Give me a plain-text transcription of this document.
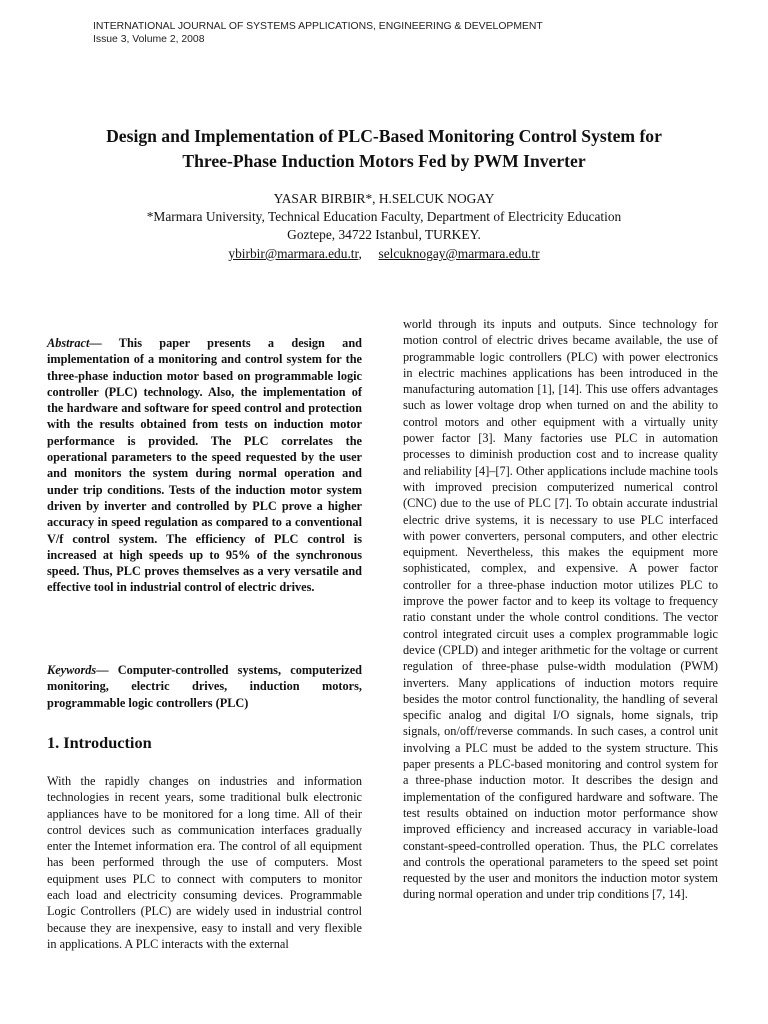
INTERNATIONAL JOURNAL OF SYSTEMS APPLICATIONS, ENGINEERING & DEVELOPMENT
Issue 3, Volume 2, 2008
Design and Implementation of PLC-Based Monitoring Control System for
Three-Phase Induction Motors Fed by PWM Inverter
YASAR BIRBIR*, H.SELCUK NOGAY
*Marmara University, Technical Education Faculty, Department of Electricity Education
Goztepe, 34722 Istanbul, TURKEY.
ybirbir@marmara.edu.tr,     selcuknogay@marmara.edu.tr

Abstract— This paper presents a design and implementation of a monitoring and control system for the three-phase induction motor based on programmable logic controller (PLC) technology. Also, the implementation of the hardware and software for speed control and protection with the results obtained from tests on induction motor performance is provided. The PLC correlates the operational parameters to the speed requested by the user and monitors the system during normal operation and under trip conditions. Tests of the induction motor system driven by inverter and controlled by PLC prove a higher accuracy in speed regulation as compared to a conventional V/f control system. The efficiency of PLC control is increased at high speeds up to 95% of the synchronous speed. Thus, PLC proves themselves as a very versatile and effective tool in industrial control of electric drives.

Keywords— Computer-controlled systems, computerized monitoring, electric drives, induction motors, programmable logic controllers (PLC)

1. Introduction

With the rapidly changes on industries and information technologies in recent years, some traditional bulk electronic appliances have to be monitored for a long time. All of their control devices such as communication interfaces gradually enter the Intemet information era. The control of all equipment has been performed through the use of computers. Most equipment uses PLC to connect with computers to monitor each load and electricity consuming devices. Programmable Logic Controllers (PLC) are widely used in industrial control because they are inexpensive, easy to install and very flexible in applications. A PLC interacts with the external

world through its inputs and outputs. Since technology for motion control of electric drives became available, the use of programmable logic controllers (PLC) with power electronics in electric machines applications has been introduced in the manufacturing automation [1], [14]. This use offers advantages such as lower voltage drop when turned on and the ability to control motors and other equipment with a virtually unity power factor [3]. Many factories use PLC in automation processes to diminish production cost and to increase quality and reliability [4]–[7]. Other applications include machine tools with improved precision computerized numerical control (CNC) due to the use of PLC [7]. To obtain accurate industrial electric drive systems, it is necessary to use PLC interfaced with power converters, personal computers, and other electric equipment. Nevertheless, this makes the equipment more sophisticated, complex, and expensive. A power factor controller for a three-phase induction motor utilizes PLC to improve the power factor and to keep its voltage to frequency ratio constant under the whole control conditions. The vector control integrated circuit uses a complex programmable logic device (CPLD) and integer arithmetic for the voltage or current regulation of three-phase pulse-width modulation (PWM) inverters. Many applications of induction motors require besides the motor control functionality, the handling of several specific analog and digital I/O signals, home signals, trip signals, on/off/reverse commands. In such cases, a control unit involving a PLC must be added to the system structure. This paper presents a PLC-based monitoring and control system for a three-phase induction motor. It describes the design and implementation of the configured hardware and software. The test results obtained on induction motor performance show improved efficiency and increased accuracy in variable-load constant-speed-controlled operation. Thus, the PLC correlates and controls the operational parameters to the speed set point requested by the user and monitors the induction motor system during normal operation and under trip conditions [7, 14].
